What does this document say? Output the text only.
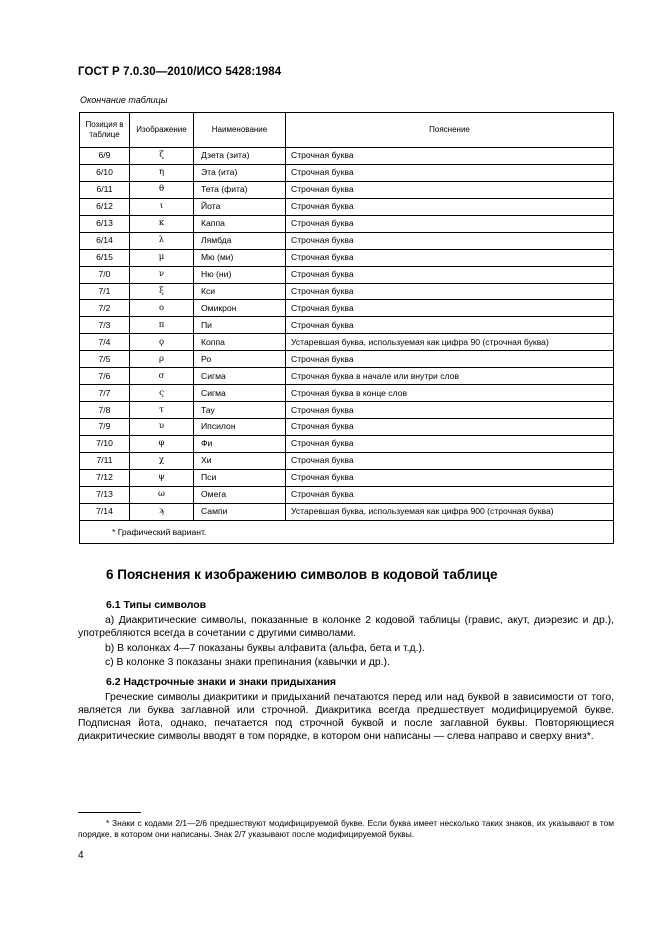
ГОСТ Р 7.0.30—2010/ИСО 5428:1984
Окончание таблицы
Позиция в таблице	Изображение	Наименование	Пояснение
6/9	ζ	Дзета (зита)	Строчная буква
6/10	η	Эта (ита)	Строчная буква
6/11	θ	Тета (фита)	Строчная буква
6/12	ι	Йота	Строчная буква
6/13	κ	Каппа	Строчная буква
6/14	λ	Лямбда	Строчная буква
6/15	μ	Мю (ми)	Строчная буква
7/0	ν	Ню (ни)	Строчная буква
7/1	ξ	Кси	Строчная буква
7/2	ο	Омикрон	Строчная буква
7/3	π	Пи	Строчная буква
7/4	ϙ	Коппа	Устаревшая буква, используемая как цифра 90 (строчная буква)
7/5	ρ	Ро	Строчная буква
7/6	σ	Сигма	Строчная буква в начале или внутри слов
7/7	ς	Сигма	Строчная буква в конце слов
7/8	τ	Тау	Строчная буква
7/9	υ	Ипсилон	Строчная буква
7/10	φ	Фи	Строчная буква
7/11	χ	Хи	Строчная буква
7/12	ψ	Пси	Строчная буква
7/13	ω	Омега	Строчная буква
7/14	ϡ	Сампи	Устаревшая буква, используемая как цифра 900 (строчная буква)
* Графический вариант.			
6 Пояснения к изображению символов в кодовой таблице
6.1 Типы символов
а) Диакритические символы, показанные в колонке 2 кодовой таблицы (гравис, акут, диэрезис и др.), употребляются всегда в сочетании с другими символами.
b) В колонках 4—7 показаны буквы алфавита (альфа, бета и т.д.).
с) В колонке 3 показаны знаки препинания (кавычки и др.).
6.2 Надстрочные знаки и знаки придыхания
Греческие символы диакритики и придыханий печатаются перед или над буквой в зависимости от того, является ли буква заглавной или строчной. Диакритика всегда предшествует модифицируемой букве. Подписная йота, однако, печатается под строчной буквой и после заглавной буквы. Повторяющиеся диакритические символы вводят в том порядке, в котором они написаны — слева направо и сверху вниз*.
* Знаки с кодами 2/1—2/6 предшествуют модифицируемой букве. Если буква имеет несколько таких знаков, их указывают в том порядке, в котором они написаны. Знак 2/7 указывают после модифицируемой буквы.
4
